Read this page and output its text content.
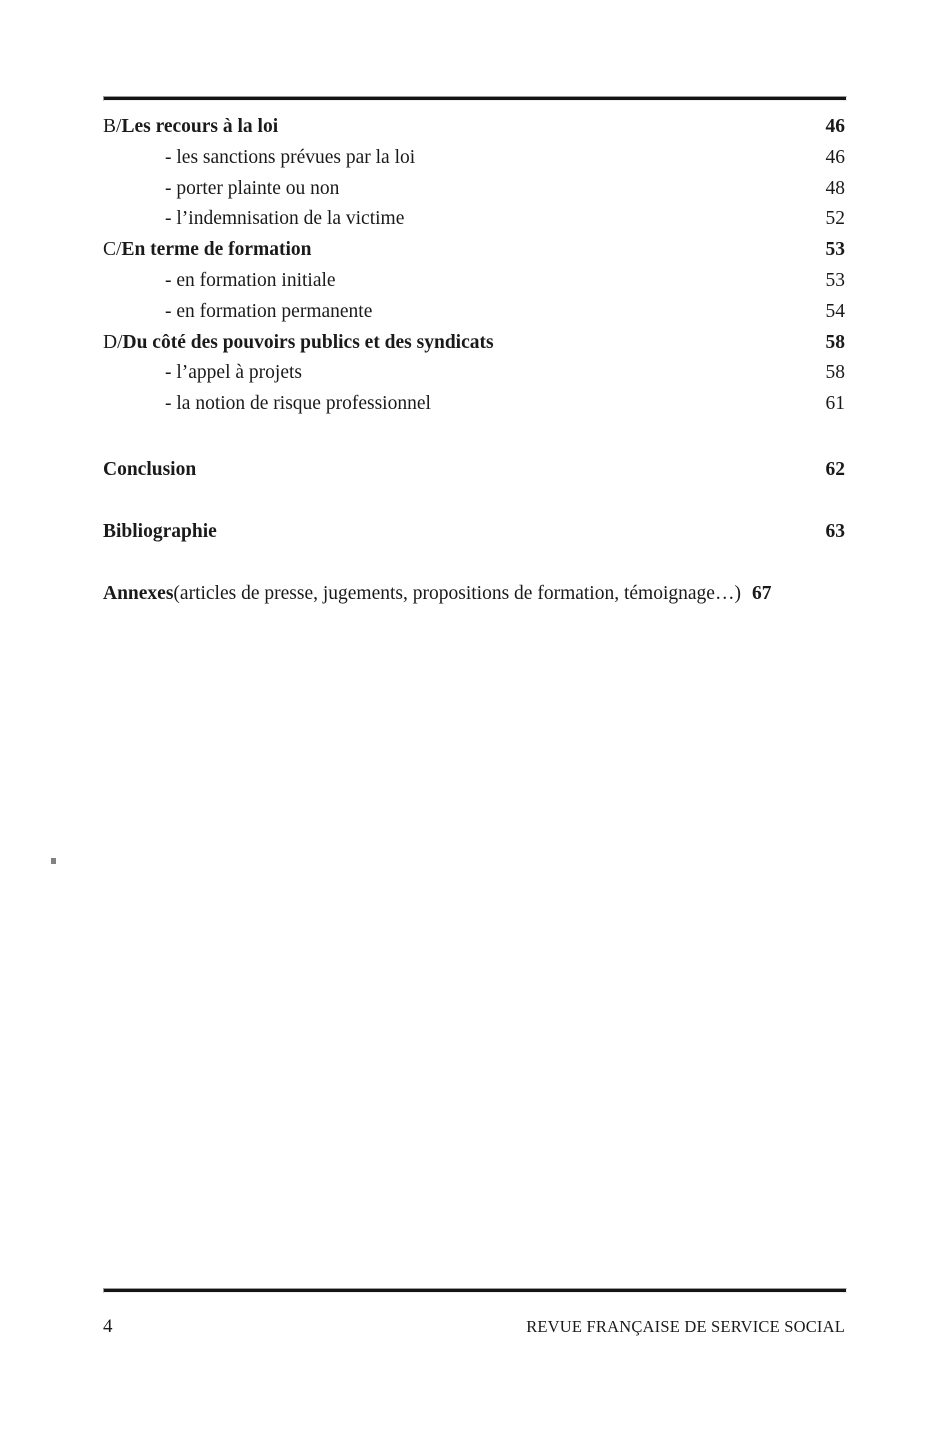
B/Les recours à la loi	46
- les sanctions prévues par la loi	46
- porter plainte ou non	48
- l’indemnisation de la victime	52
C/En terme de formation	53
- en formation initiale	53
- en formation permanente	54
D/Du côté des pouvoirs publics et des syndicats	58
- l’appel à projets	58
- la notion de risque professionnel	61
Conclusion	62
Bibliographie	63
Annexes (articles de presse, jugements, propositions de formation, témoignage…) 67
4	REVUE FRANÇAISE DE SERVICE SOCIAL
